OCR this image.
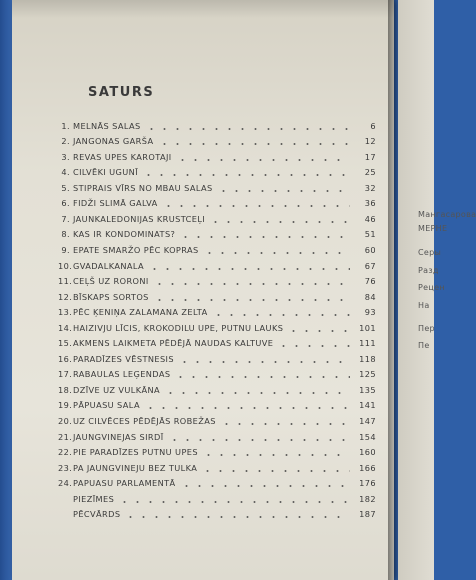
Мангасарова
МЕРНЕ
Серы
Разд
Рецен
На
Пер
Пе
SATURS
1. MELNĀS SALAS	6
2. JANGONAS GARŠA	12
3. REVAS UPES KAROTAJI	17
4. CILVĒKI UGUNĪ	25
5. STIPRAIS VĪRS NO MBAU SALAS	32
6. FIDŽI SLIMĀ GALVA	36
7. JAUNKALEDONIJAS KRUSTCEĻI	46
8. KAS IR KONDOMINATS?	51
9. EPATE SMARŽO PĒC KOPRAS	60
10. GVADALKANALA	67
11. CEĻŠ UZ RORONI	76
12. BĪSKAPS SORTOS	84
13. PĒC ĶENIŅA ZALAMANA ZELTA	93
14. HAIZIVJU LĪCIS, KROKODILU UPE, PUTNU LAUKS	101
15. AKMENS LAIKMETA PĒDĒJĀ NAUDAS KALTUVE	111
16. PARADĪZES VĒSTNESIS	118
17. RABAULAS LEĢENDAS	125
18. DZĪVE UZ VULKĀNA	135
19. PĀPUASU SALA	141
20. UZ CILVĒCES PĒDĒJĀS ROBEŽAS	147
21. JAUNGVINEJAS SIRDĪ	154
22. PIE PARADĪZES PUTNU UPES	160
23. PA JAUNGVINEJU BEZ TULKA	166
24. PAPUASU PARLAMENTĀ	176
PIEZĪMES	182
PĒCVĀRDS	187
